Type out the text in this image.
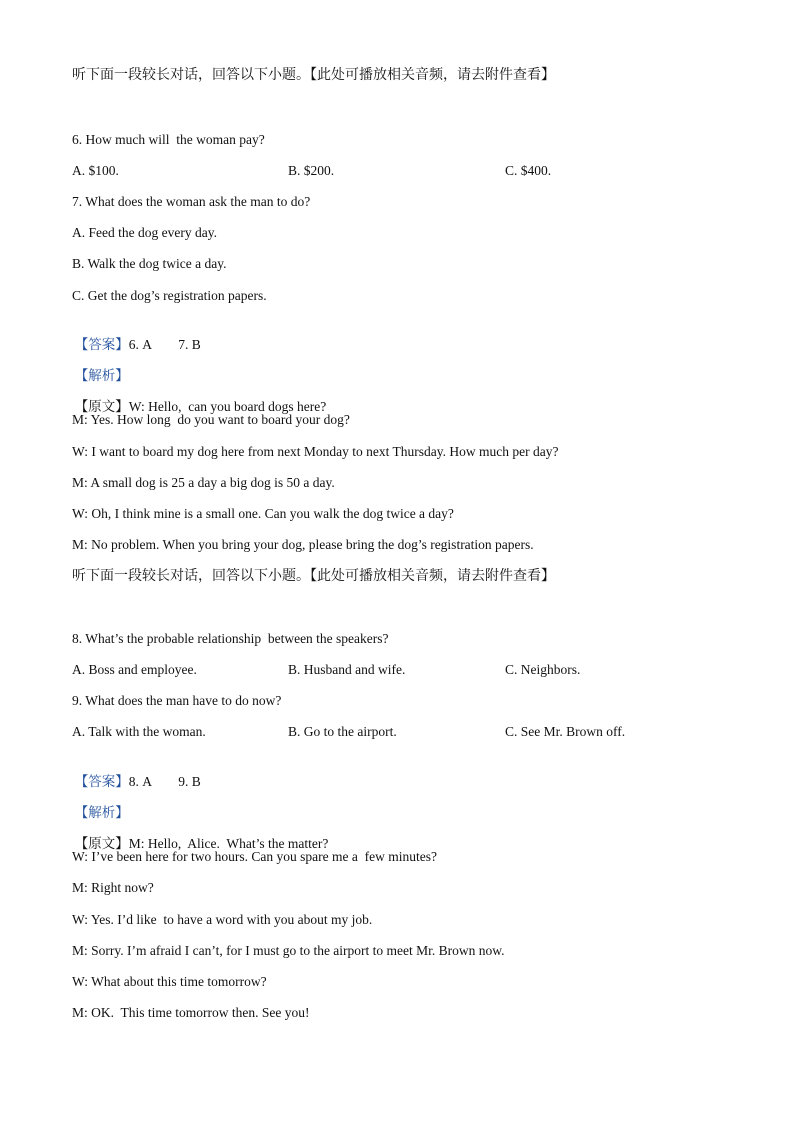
听下面一段较长对话，回答以下小题。【此处可播放相关音频，请去附件查看】
6. How much will  the woman pay?
A. $100.	B. $200.	C. $400.
7. What does the woman ask the man to do?
A. Feed the dog every day.
B. Walk the dog twice a day.
C. Get the dog’s registration papers.

【答案】6. A        7. B

【解析】

【原文】W: Hello,  can you board dogs here?

M: Yes. How long  do you want to board your dog?
W: I want to board my dog here from next Monday to next Thursday. How much per day?
M: A small dog is 25 a day a big dog is 50 a day.
W: Oh, I think mine is a small one. Can you walk the dog twice a day?
M: No problem. When you bring your dog, please bring the dog’s registration papers.
听下面一段较长对话，回答以下小题。【此处可播放相关音频，请去附件查看】
8. What’s the probable relationship  between the speakers?
A. Boss and employee.	B. Husband and wife.	C. Neighbors.
9. What does the man have to do now?
A. Talk with the woman.	B. Go to the airport.	C. See Mr. Brown off.

【答案】8. A        9. B

【解析】

【原文】M: Hello,  Alice.  What’s the matter?

W: I’ve been here for two hours. Can you spare me a  few minutes?
M: Right now?
W: Yes. I’d like  to have a word with you about my job.
M: Sorry. I’m afraid I can’t, for I must go to the airport to meet Mr. Brown now.
W: What about this time tomorrow?
M: OK.  This time tomorrow then. See you!
